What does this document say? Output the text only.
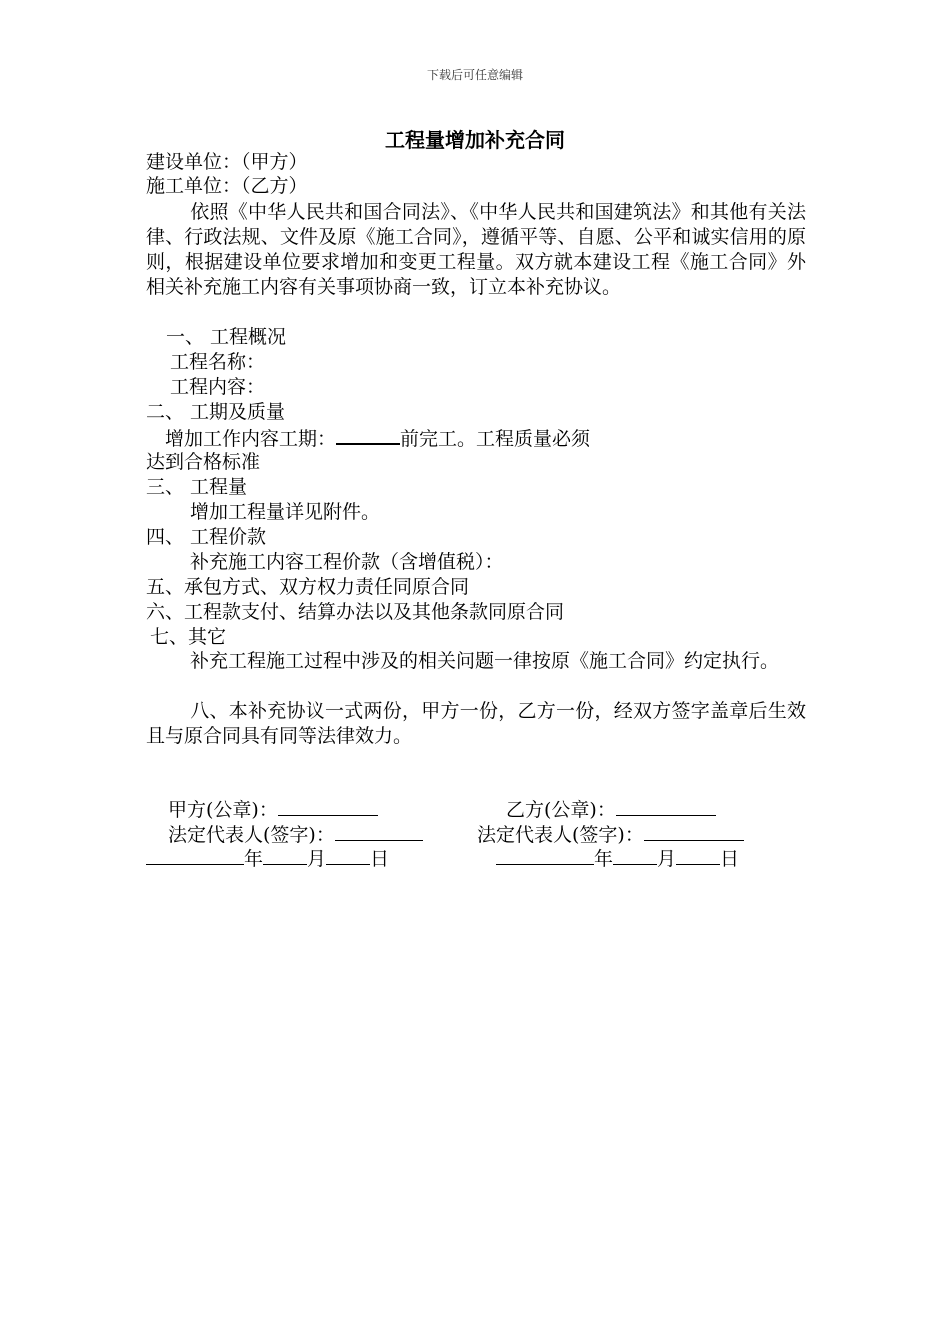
下载后可任意编辑
工程量增加补充合同
建设单位：（甲方）
施工单位：（乙方）
依照《中华人民共和国合同法》、《中华人民共和国建筑法》和其他有关法律、行政法规、文件及原《施工合同》，遵循平等、自愿、公平和诚实信用的原则，根据建设单位要求增加和变更工程量。双方就本建设工程《施工合同》外相关补充施工内容有关事项协商一致，订立本补充协议。
一、 工程概况
工程名称：
工程内容：
二、 工期及质量
增加工作内容工期：	前完工。工程质量必须
达到合格标准
三、 工程量
增加工程量详见附件。
四、 工程价款
补充施工内容工程价款（含增值税）：
五、承包方式、双方权力责任同原合同
六、工程款支付、结算办法以及其他条款同原合同
七、其它
补充工程施工过程中涉及的相关问题一律按原《施工合同》约定执行。
八、本补充协议一式两份，甲方一份，乙方一份，经双方签字盖章后生效且与原合同具有同等法律效力。
甲方(公章)：	乙方(公章)：
法定代表人(签字)：	法定代表人(签字)：
年 月 日	年 月 日
